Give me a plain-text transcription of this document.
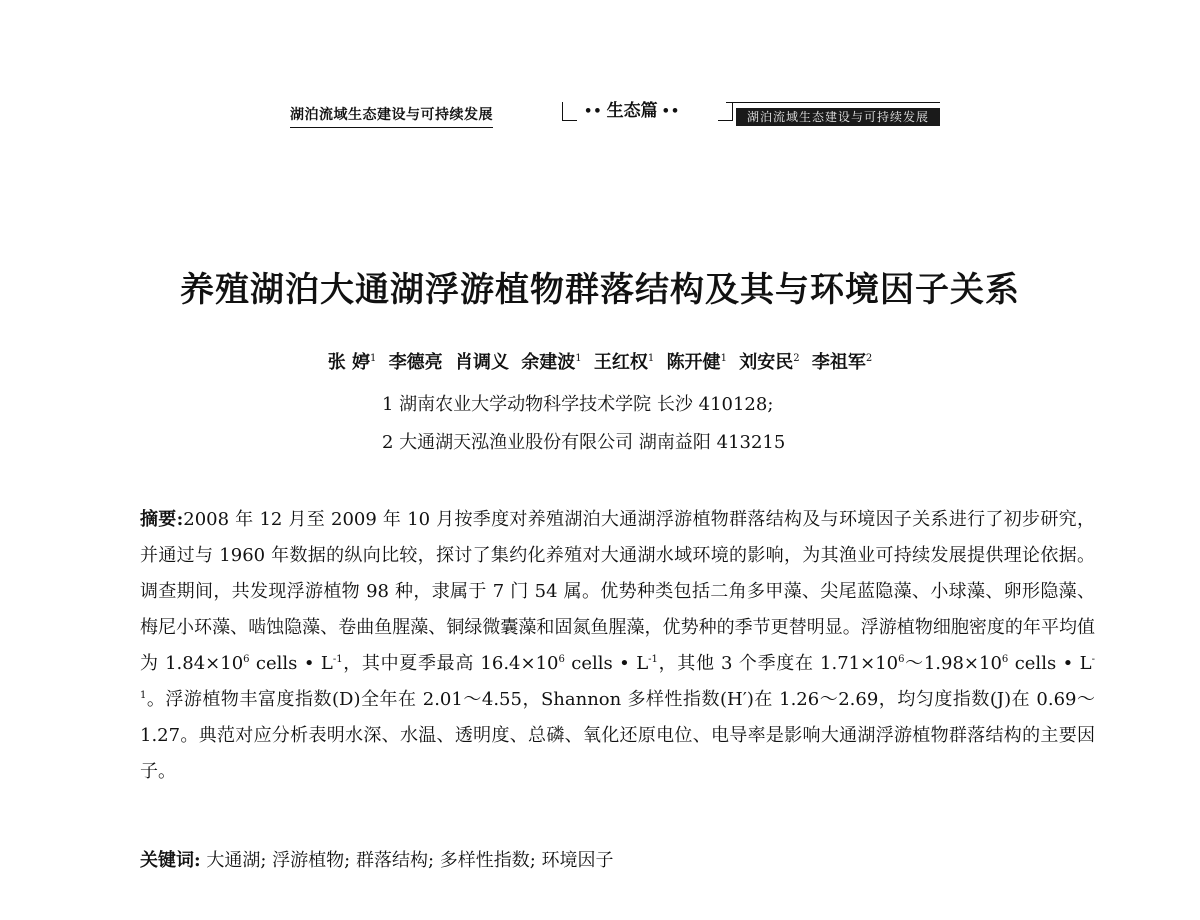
湖泊流域生态建设与可持续发展	•• 生态篇 ••	湖泊流域生态建设与可持续发展
养殖湖泊大通湖浮游植物群落结构及其与环境因子关系
张 婷$^1$ 李德亮 肖调义 余建波$^1$ 王红权$^1$ 陈开健$^1$ 刘安民$^2$ 李祖军$^2$
1 湖南农业大学动物科学技术学院 长沙 410128;
2 大通湖天泓渔业股份有限公司 湖南益阳 413215
摘要:2008 年 12 月至 2009 年 10 月按季度对养殖湖泊大通湖浮游植物群落结构及与环境因子关系进行了初步研究，并通过与 1960 年数据的纵向比较，探讨了集约化养殖对大通湖水域环境的影响，为其渔业可持续发展提供理论依据。调查期间，共发现浮游植物 98 种，隶属于 7 门 54 属。优势种类包括二角多甲藻、尖尾蓝隐藻、小球藻、卵形隐藻、梅尼小环藻、啮蚀隐藻、卷曲鱼腥藻、铜绿微囊藻和固氮鱼腥藻，优势种的季节更替明显。浮游植物细胞密度的年平均值为 $1.84\times 10^6$ cells • $L^{-1}$，其中夏季最高 $16.4\times 10^6$ cells • $L^{-1}$，其他 3 个季度在 $1.71\times 10^6\sim 1.98\times 10^6$ cells • $L^{-1}$。浮游植物丰富度指数(D)全年在 2.01～4.55，Shannon 多样性指数(H′)在 1.26～2.69，均匀度指数(J)在 0.69～1.27。典范对应分析表明水深、水温、透明度、总磷、氧化还原电位、电导率是影响大通湖浮游植物群落结构的主要因子。
关键词: 大通湖; 浮游植物; 群落结构; 多样性指数; 环境因子
